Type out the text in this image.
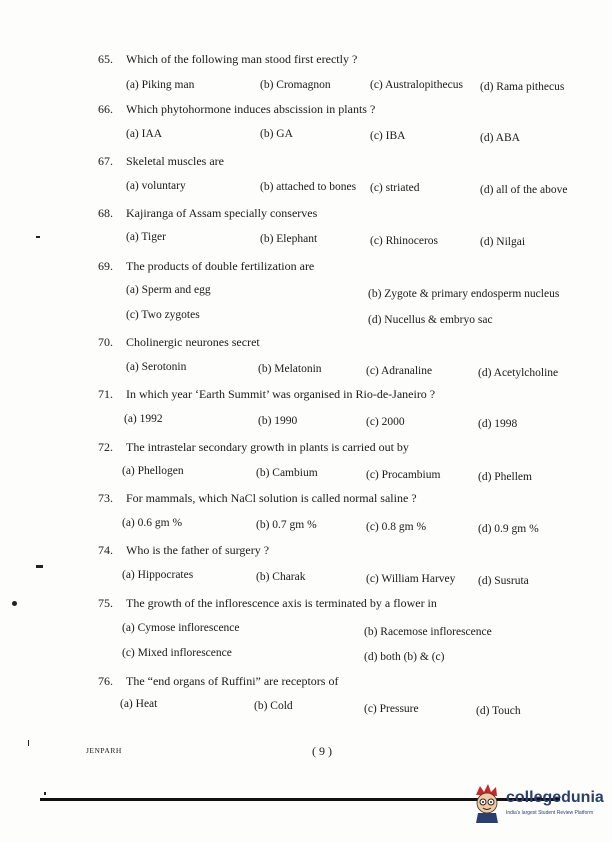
65. Which of the following man stood first erectly ?
(a) Piking man	(b) Cromagnon	(c) Australopithecus (d) Rama pithecus
66. Which phytohormone induces abscission in plants ?
(a) IAA	(b) GA	(c) IBA	(d) ABA
67. Skeletal muscles are
(a) voluntary	(b) attached to bones (c) striated	(d) all of the above
68. Kajiranga of Assam specially conserves
(a) Tiger	(b) Elephant	(c) Rhinoceros	(d) Nilgai
69. The products of double fertilization are
(a) Sperm and egg	(b) Zygote & primary endosperm nucleus
(c) Two zygotes	(d) Nucellus & embryo sac
70. Cholinergic neurones secret
(a) Serotonin	(b) Melatonin	(c) Adranaline	(d) Acetylcholine
71. In which year ‘Earth Summit’ was organised in Rio-de-Janeiro ?
(a) 1992	(b) 1990	(c) 2000	(d) 1998
72. The intrastelar secondary growth in plants is carried out by
(a) Phellogen	(b) Cambium	(c) Procambium	(d) Phellem
73. For mammals, which NaCl solution is called normal saline ?
(a) 0.6 gm %	(b) 0.7 gm %	(c) 0.8 gm %	(d) 0.9 gm %
74. Who is the father of surgery ?
(a) Hippocrates	(b) Charak	(c) William Harvey (d) Susruta
75. The growth of the inflorescence axis is terminated by a flower in
(a) Cymose inflorescence	(b) Racemose inflorescence
(c) Mixed inflorescence	(d) both (b) & (c)
76. The “end organs of Ruffini” are receptors of
(a) Heat	(b) Cold	(c) Pressure	(d) Touch
JENPARH	( 9 )
collegedunia
India's largest Student Review Platform
